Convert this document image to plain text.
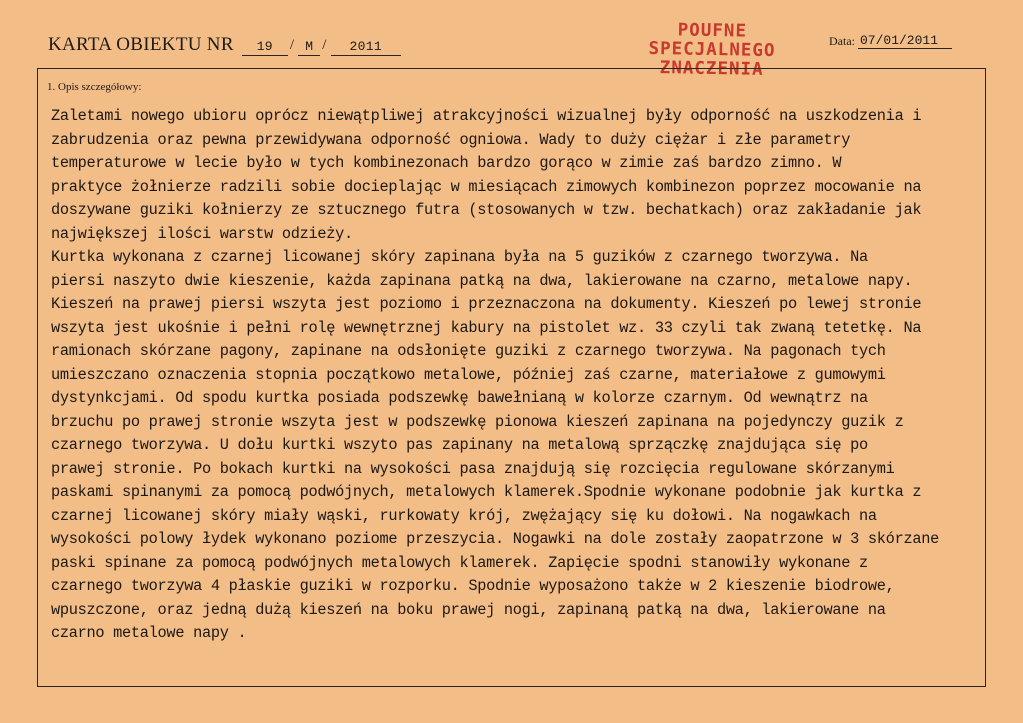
KARTA OBIEKTU NR	19	/ M /	2011
POUFNE
SPECJALNEGO
ZNACZENIA
Data: 07/01/2011
1. Opis szczegółowy:
Zaletami nowego ubioru oprócz niewątpliwej atrakcyjności wizualnej były odporność na uszkodzenia i
zabrudzenia oraz pewna przewidywana odporność ogniowa. Wady to duży ciężar i złe parametry
temperaturowe w lecie było w tych kombinezonach bardzo gorąco w zimie zaś bardzo zimno. W
praktyce żołnierze radzili sobie docieplając w miesiącach zimowych kombinezon poprzez mocowanie na
doszywane guziki kołnierzy ze sztucznego futra (stosowanych w tzw. bechatkach) oraz zakładanie jak
największej ilości warstw odzieży.
Kurtka wykonana z czarnej licowanej skóry zapinana była na 5 guzików z czarnego tworzywa. Na
piersi naszyto dwie kieszenie, każda zapinana patką na dwa, lakierowane na czarno, metalowe napy.
Kieszeń na prawej piersi wszyta jest poziomo i przeznaczona na dokumenty. Kieszeń po lewej stronie
wszyta jest ukośnie i pełni rolę wewnętrznej kabury na pistolet wz. 33 czyli tak zwaną tetetkę. Na
ramionach skórzane pagony, zapinane na odsłonięte guziki z czarnego tworzywa. Na pagonach tych
umieszczano oznaczenia stopnia początkowo metalowe, później zaś czarne, materiałowe z gumowymi
dystynkcjami. Od spodu kurtka posiada podszewkę bawełnianą w kolorze czarnym. Od wewnątrz na
brzuchu po prawej stronie wszyta jest w podszewkę pionowa kieszeń zapinana na pojedynczy guzik z
czarnego tworzywa. U dołu kurtki wszyto pas zapinany na metalową sprzączkę znajdująca się po
prawej stronie. Po bokach kurtki na wysokości pasa znajdują się rozcięcia regulowane skórzanymi
paskami spinanymi za pomocą podwójnych, metalowych klamerek.Spodnie wykonane podobnie jak kurtka z
czarnej licowanej skóry miały wąski, rurkowaty krój, zwężający się ku dołowi. Na nogawkach na
wysokości polowy łydek wykonano poziome przeszycia. Nogawki na dole zostały zaopatrzone w 3 skórzane
paski spinane za pomocą podwójnych metalowych klamerek. Zapięcie spodni stanowiły wykonane z
czarnego tworzywa 4 płaskie guziki w rozporku. Spodnie wyposażono także w 2 kieszenie biodrowe,
wpuszczone, oraz jedną dużą kieszeń na boku prawej nogi, zapinaną patką na dwa, lakierowane na
czarno metalowe napy .
